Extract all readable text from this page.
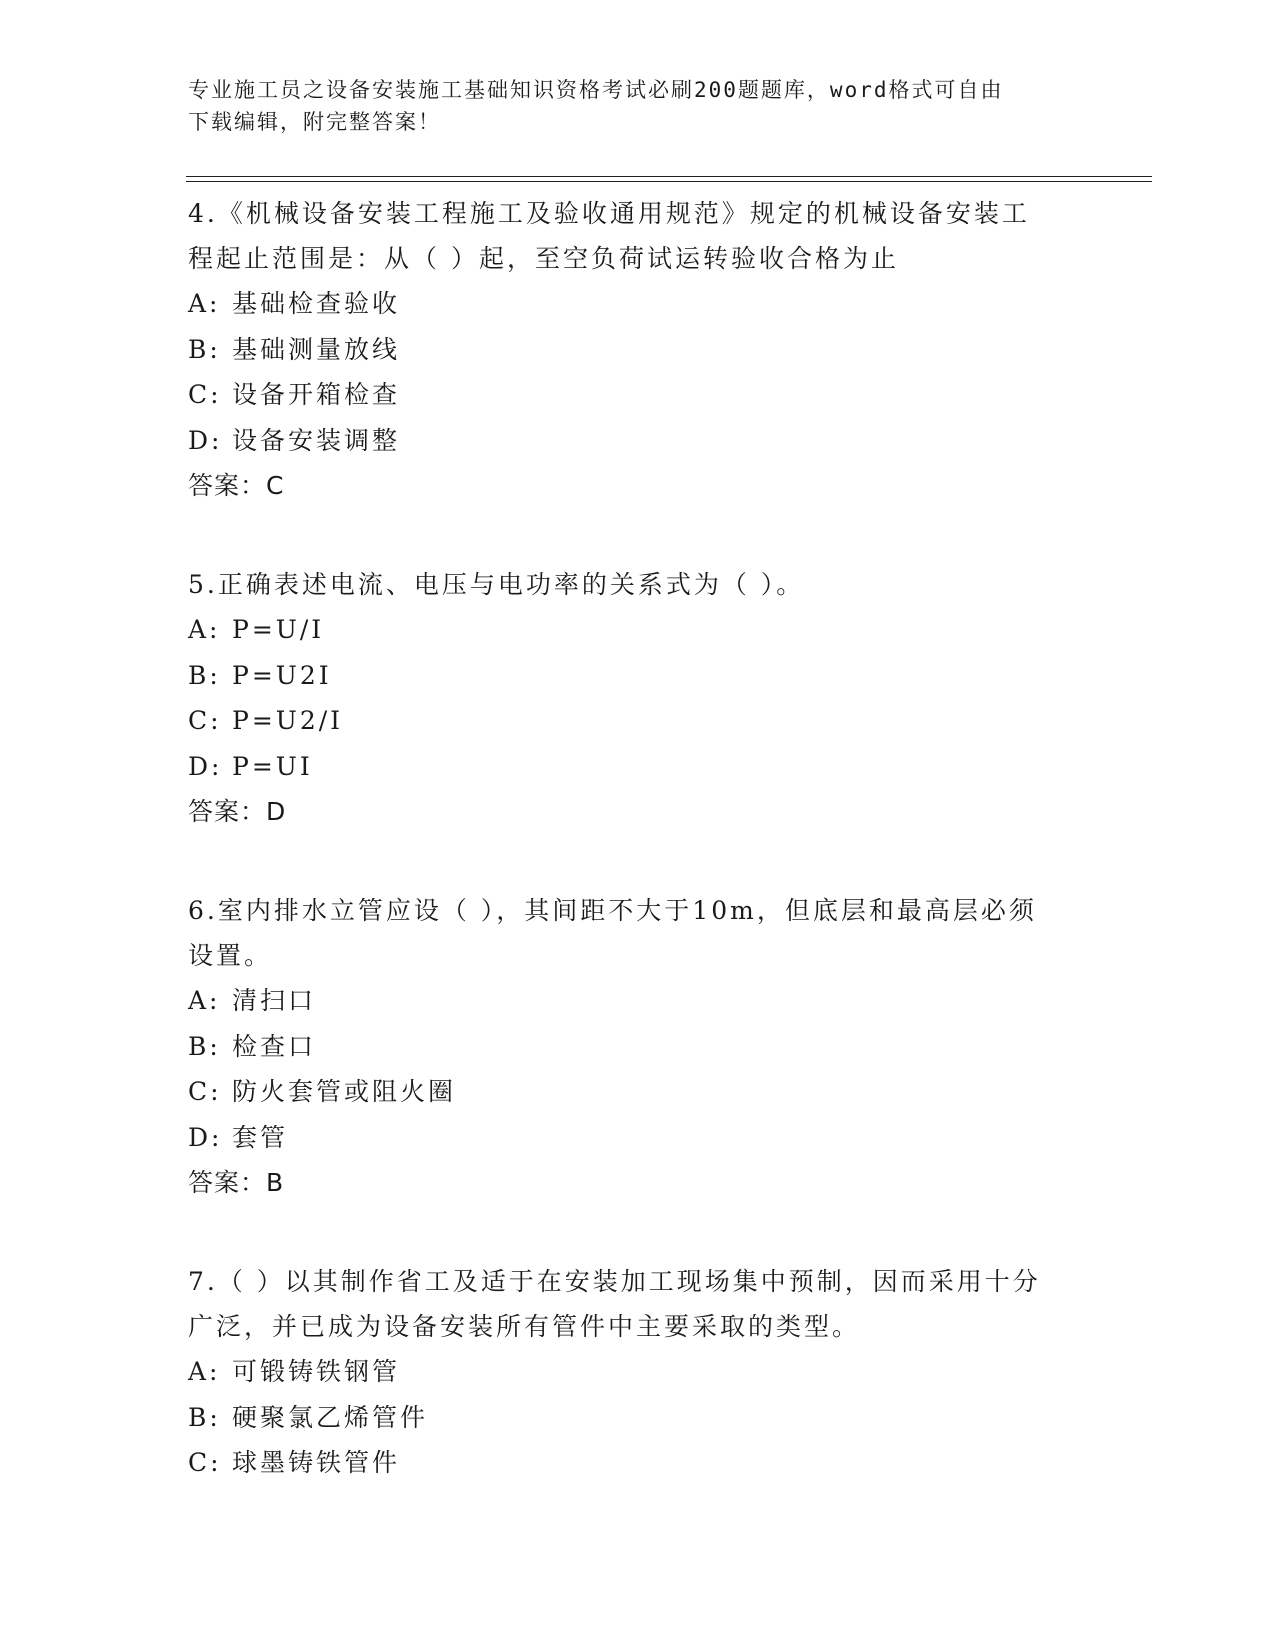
专业施工员之设备安装施工基础知识资格考试必刷200题题库，word格式可自由
下载编辑，附完整答案！
4.《机械设备安装工程施工及验收通用规范》规定的机械设备安装工
程起止范围是：从（ ）起，至空负荷试运转验收合格为止
A: 基础检查验收
B: 基础测量放线
C: 设备开箱检查
D: 设备安装调整
答案：C
5.正确表述电流、电压与电功率的关系式为（ ）。
A: P=U/I
B: P=U2I
C: P=U2/I
D: P=UI
答案：D
6.室内排水立管应设（ ），其间距不大于10m，但底层和最高层必须
设置。
A: 清扫口
B: 检查口
C: 防火套管或阻火圈
D: 套管
答案：B
7.（ ）以其制作省工及适于在安装加工现场集中预制，因而采用十分
广泛，并已成为设备安装所有管件中主要采取的类型。
A: 可锻铸铁钢管
B: 硬聚氯乙烯管件
C: 球墨铸铁管件
